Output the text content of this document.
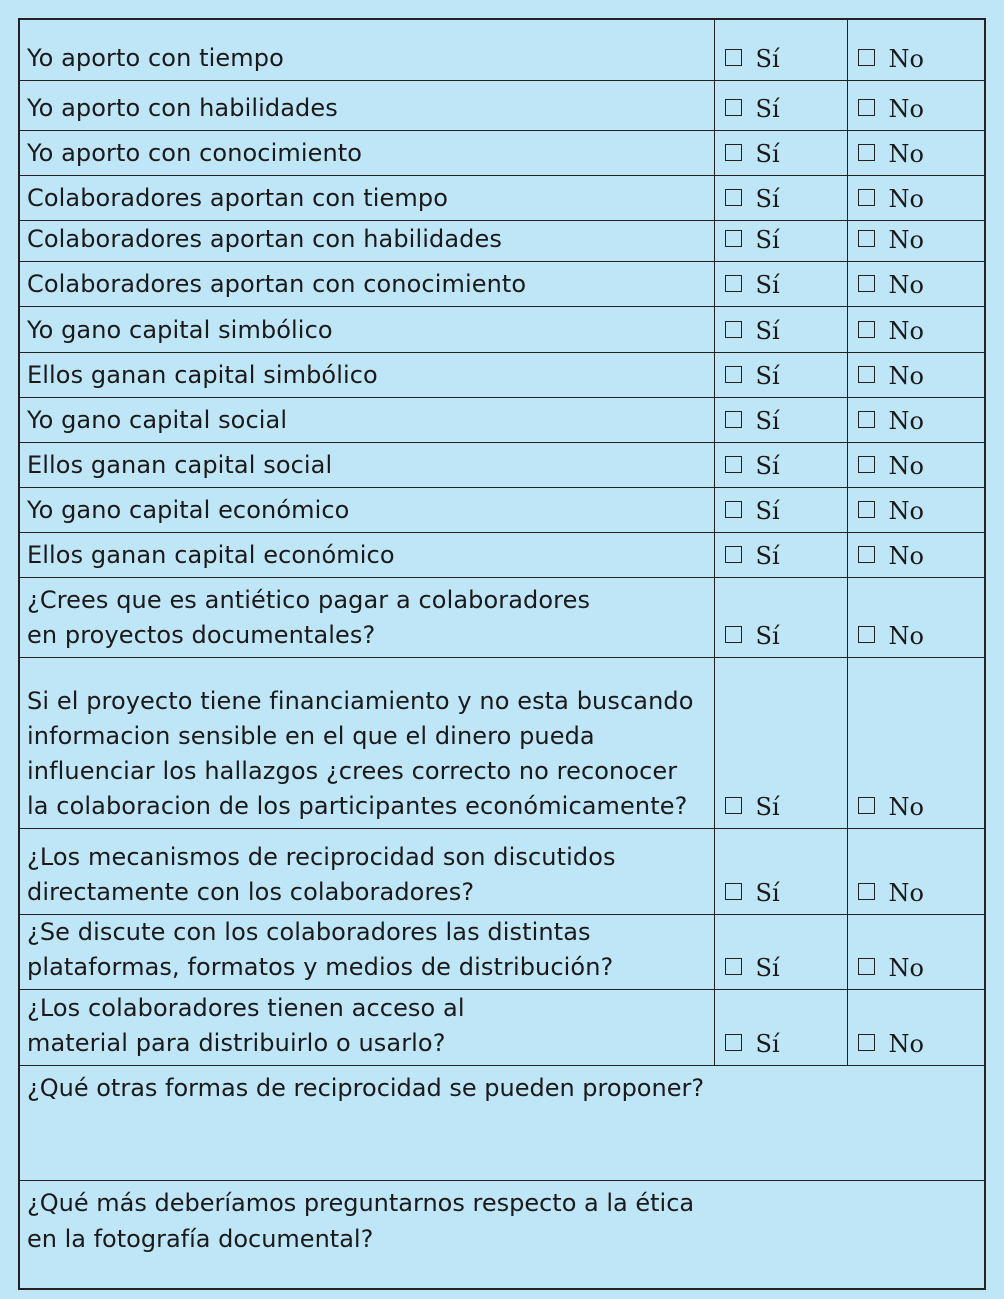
Yo aporto con tiempo	Sí	No

Yo aporto con habilidades	Sí	No

Yo aporto con conocimiento	Sí	No

Colaboradores aportan con tiempo	Sí	No

Colaboradores aportan con habilidades	Sí	No

Colaboradores aportan con conocimiento	Sí	No

Yo gano capital simbólico	Sí	No

Ellos ganan capital simbólico	Sí	No

Yo gano capital social	Sí	No

Ellos ganan capital social	Sí	No

Yo gano capital económico	Sí	No

Ellos ganan capital económico	Sí	No

¿Crees que es antiético pagar a colaboradores
en proyectos documentales?	Sí	No

Si el proyecto tiene financiamiento y no esta buscando
informacion sensible en el que el dinero pueda
influenciar los hallazgos ¿crees correcto no reconocer
la colaboracion de los participantes económicamente?	Sí	No

¿Los mecanismos de reciprocidad son discutidos
directamente con los colaboradores?	Sí	No

¿Se discute con los colaboradores las distintas
plataformas, formatos y medios de distribución?	Sí	No

¿Los colaboradores tienen acceso al
material para distribuirlo o usarlo?	Sí	No

¿Qué otras formas de reciprocidad se pueden proponer?		

¿Qué más deberíamos preguntarnos respecto a la ética
en la fotografía documental?		
